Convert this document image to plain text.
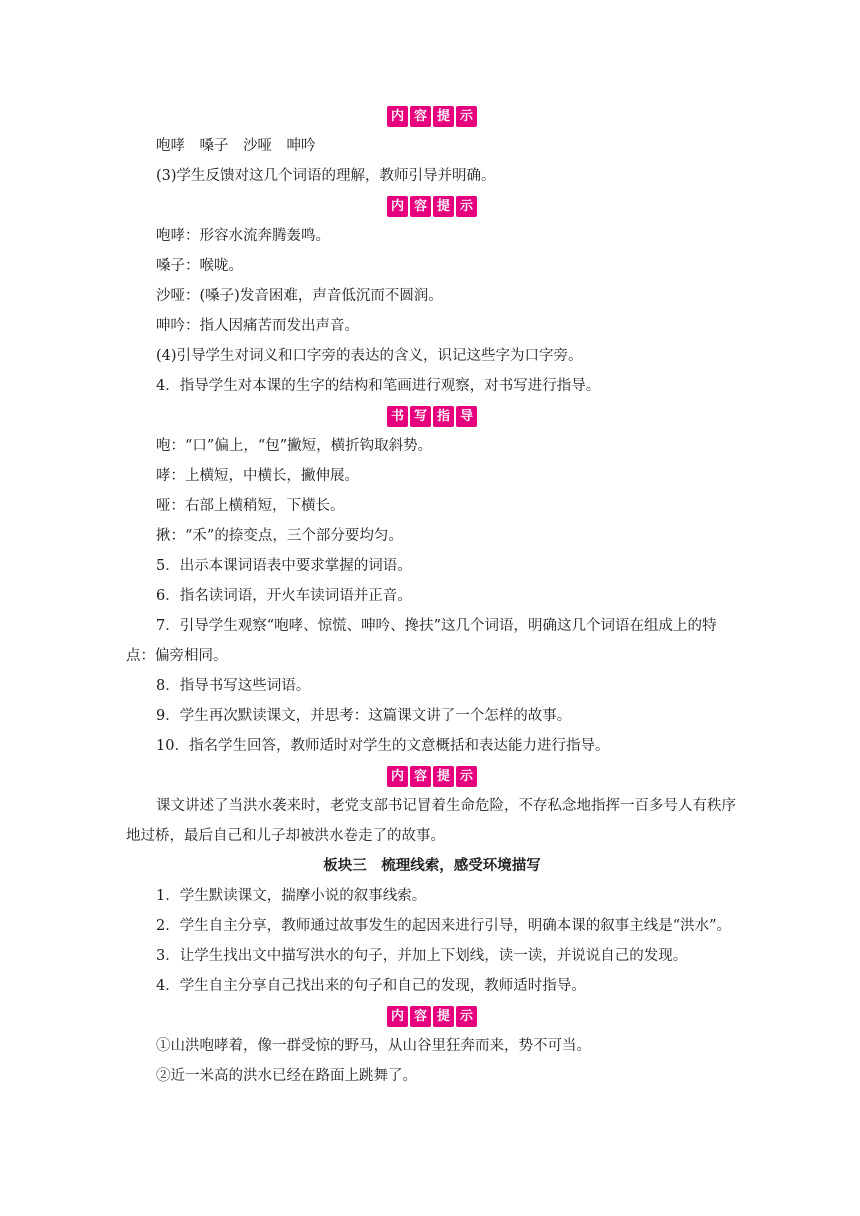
内 容 提 示
咆哮　嗓子　沙哑　呻吟
(3)学生反馈对这几个词语的理解，教师引导并明确。
内 容 提 示
咆哮：形容水流奔腾轰鸣。
嗓子：喉咙。
沙哑：(嗓子)发音困难，声音低沉而不圆润。
呻吟：指人因痛苦而发出声音。
(4)引导学生对词义和口字旁的表达的含义，识记这些字为口字旁。
4．指导学生对本课的生字的结构和笔画进行观察，对书写进行指导。
书 写 指 导
咆：“口”偏上，“包”撇短，横折钩取斜势。
哮：上横短，中横长，撇伸展。
哑：右部上横稍短，下横长。
揪：“禾”的捺变点，三个部分要均匀。
5．出示本课词语表中要求掌握的词语。
6．指名读词语，开火车读词语并正音。
7．引导学生观察“咆哮、惊慌、呻吟、搀扶”这几个词语，明确这几个词语在组成上的特点：偏旁相同。
8．指导书写这些词语。
9．学生再次默读课文，并思考：这篇课文讲了一个怎样的故事。
10．指名学生回答，教师适时对学生的文意概括和表达能力进行指导。
内 容 提 示
课文讲述了当洪水袭来时，老党支部书记冒着生命危险，不存私念地指挥一百多号人有秩序地过桥，最后自己和儿子却被洪水卷走了的故事。
板块三　梳理线索，感受环境描写
1．学生默读课文，揣摩小说的叙事线索。
2．学生自主分享，教师通过故事发生的起因来进行引导，明确本课的叙事主线是“洪水”。
3．让学生找出文中描写洪水的句子，并加上下划线，读一读，并说说自己的发现。
4．学生自主分享自己找出来的句子和自己的发现，教师适时指导。
内 容 提 示
①山洪咆哮着，像一群受惊的野马，从山谷里狂奔而来，势不可当。
②近一米高的洪水已经在路面上跳舞了。
